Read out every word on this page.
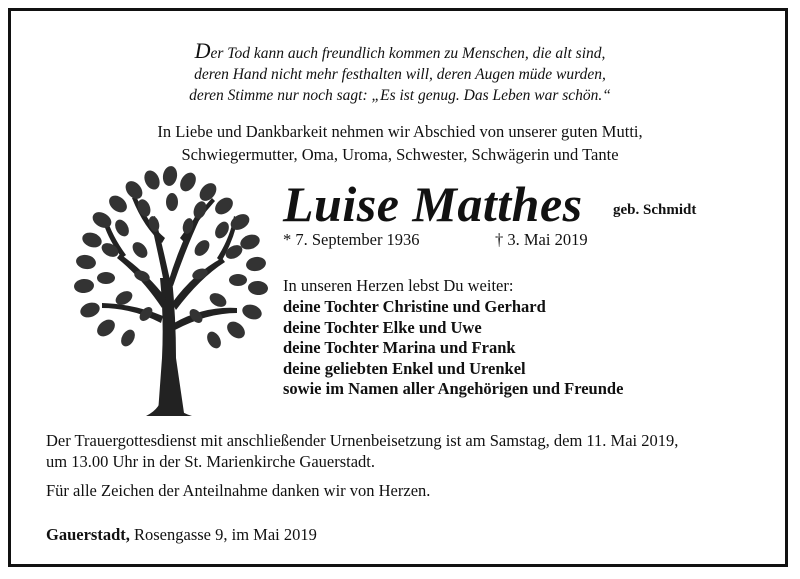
Der Tod kann auch freundlich kommen zu Menschen, die alt sind,
deren Hand nicht mehr festhalten will, deren Augen müde wurden,
deren Stimme nur noch sagt: „Es ist genug. Das Leben war schön.“
In Liebe und Dankbarkeit nehmen wir Abschied von unserer guten Mutti,
Schwiegermutter, Oma, Uroma, Schwester, Schwägerin und Tante
Luise Matthes geb. Schmidt
* 7. September 1936	† 3. Mai 2019
In unseren Herzen lebst Du weiter:
deine Tochter Christine und Gerhard
deine Tochter Elke und Uwe
deine Tochter Marina und Frank
deine geliebten Enkel und Urenkel
sowie im Namen aller Angehörigen und Freunde
Der Trauergottesdienst mit anschließender Urnenbeisetzung ist am Samstag, dem 11. Mai 2019,
um 13.00 Uhr in der St. Marienkirche Gauerstadt.
Für alle Zeichen der Anteilnahme danken wir von Herzen.
Gauerstadt, Rosengasse 9, im Mai 2019
